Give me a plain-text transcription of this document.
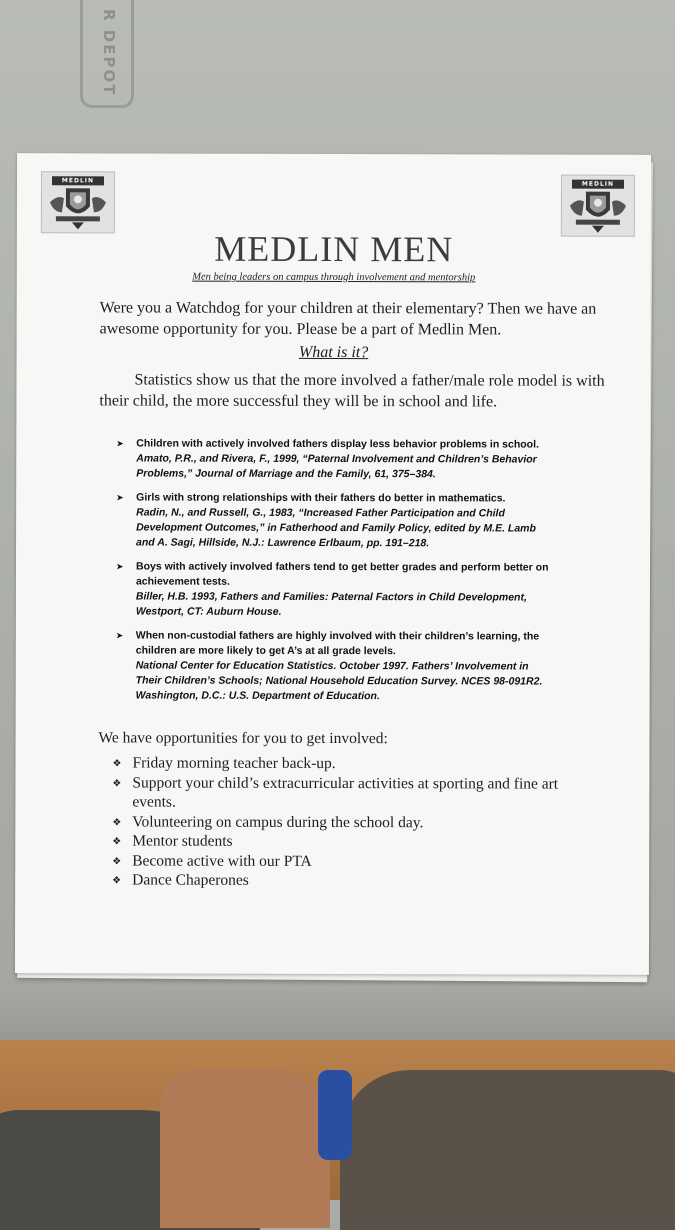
R DEPOT
MEDLIN	MEDLIN
MEDLIN MEN
Men being leaders on campus through involvement and mentorship
Were you a Watchdog for your children at their elementary? Then we have an awesome opportunity for you. Please be a part of Medlin Men.
What is it?
Statistics show us that the more involved a father/male role model is with their child, the more successful they will be in school and life.
➤ Children with actively involved fathers display less behavior problems in school.
Amato, P.R., and Rivera, F., 1999, “Paternal Involvement and Children’s Behavior Problems,” Journal of Marriage and the Family, 61, 375–384.
➤ Girls with strong relationships with their fathers do better in mathematics.
Radin, N., and Russell, G., 1983, “Increased Father Participation and Child Development Outcomes,” in Fatherhood and Family Policy, edited by M.E. Lamb and A. Sagi, Hillside, N.J.: Lawrence Erlbaum, pp. 191–218.
➤ Boys with actively involved fathers tend to get better grades and perform better on achievement tests.
Biller, H.B. 1993, Fathers and Families: Paternal Factors in Child Development, Westport, CT: Auburn House.
➤ When non-custodial fathers are highly involved with their children’s learning, the children are more likely to get A’s at all grade levels.
National Center for Education Statistics. October 1997. Fathers’ Involvement in Their Children’s Schools; National Household Education Survey. NCES 98-091R2. Washington, D.C.: U.S. Department of Education.
We have opportunities for you to get involved:
❖ Friday morning teacher back-up.
❖ Support your child’s extracurricular activities at sporting and fine art events.
❖ Volunteering on campus during the school day.
❖ Mentor students
❖ Become active with our PTA
❖ Dance Chaperones
